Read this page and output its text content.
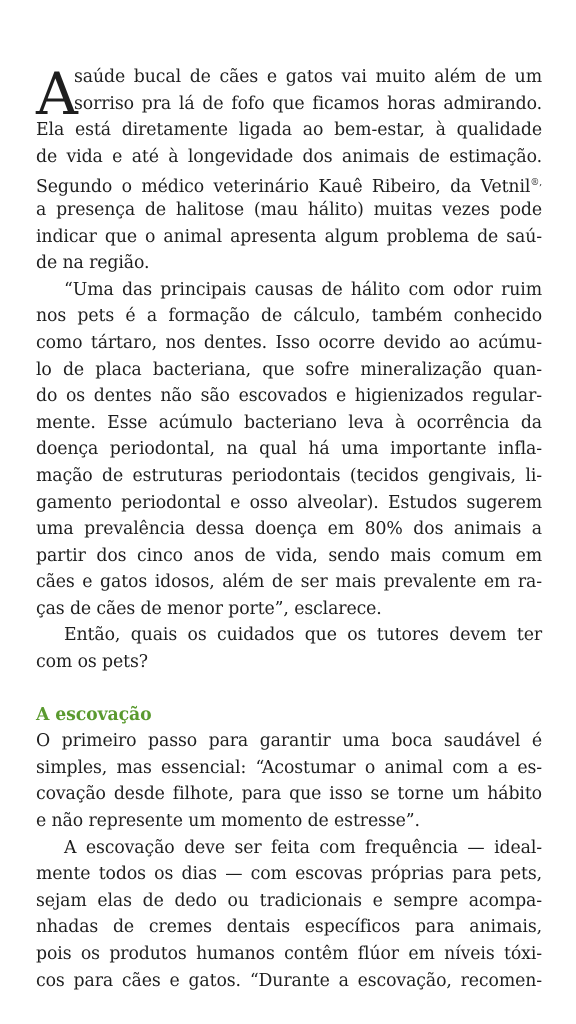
A
saúde bucal de cães e gatos vai muito além de um
sorriso pra lá de fofo que ficamos horas admirando.
Ela está diretamente ligada ao bem-estar, à qualidade
de vida e até à longevidade dos animais de estimação.
Segundo o médico veterinário Kauê Ribeiro, da Vetnil®,
a presença de halitose (mau hálito) muitas vezes pode
indicar que o animal apresenta algum problema de saú-
de na região.
“Uma das principais causas de hálito com odor ruim
nos pets é a formação de cálculo, também conhecido
como tártaro, nos dentes. Isso ocorre devido ao acúmu-
lo de placa bacteriana, que sofre mineralização quan-
do os dentes não são escovados e higienizados regular-
mente. Esse acúmulo bacteriano leva à ocorrência da
doença periodontal, na qual há uma importante infla-
mação de estruturas periodontais (tecidos gengivais, li-
gamento periodontal e osso alveolar). Estudos sugerem
uma prevalência dessa doença em 80% dos animais a
partir dos cinco anos de vida, sendo mais comum em
cães e gatos idosos, além de ser mais prevalente em ra-
ças de cães de menor porte”, esclarece.
Então, quais os cuidados que os tutores devem ter
com os pets?
A escovação
O primeiro passo para garantir uma boca saudável é
simples, mas essencial: “Acostumar o animal com a es-
covação desde filhote, para que isso se torne um hábito
e não represente um momento de estresse”.
A escovação deve ser feita com frequência — ideal-
mente todos os dias — com escovas próprias para pets,
sejam elas de dedo ou tradicionais e sempre acompa-
nhadas de cremes dentais específicos para animais,
pois os produtos humanos contêm flúor em níveis tóxi-
cos para cães e gatos. “Durante a escovação, recomen-
